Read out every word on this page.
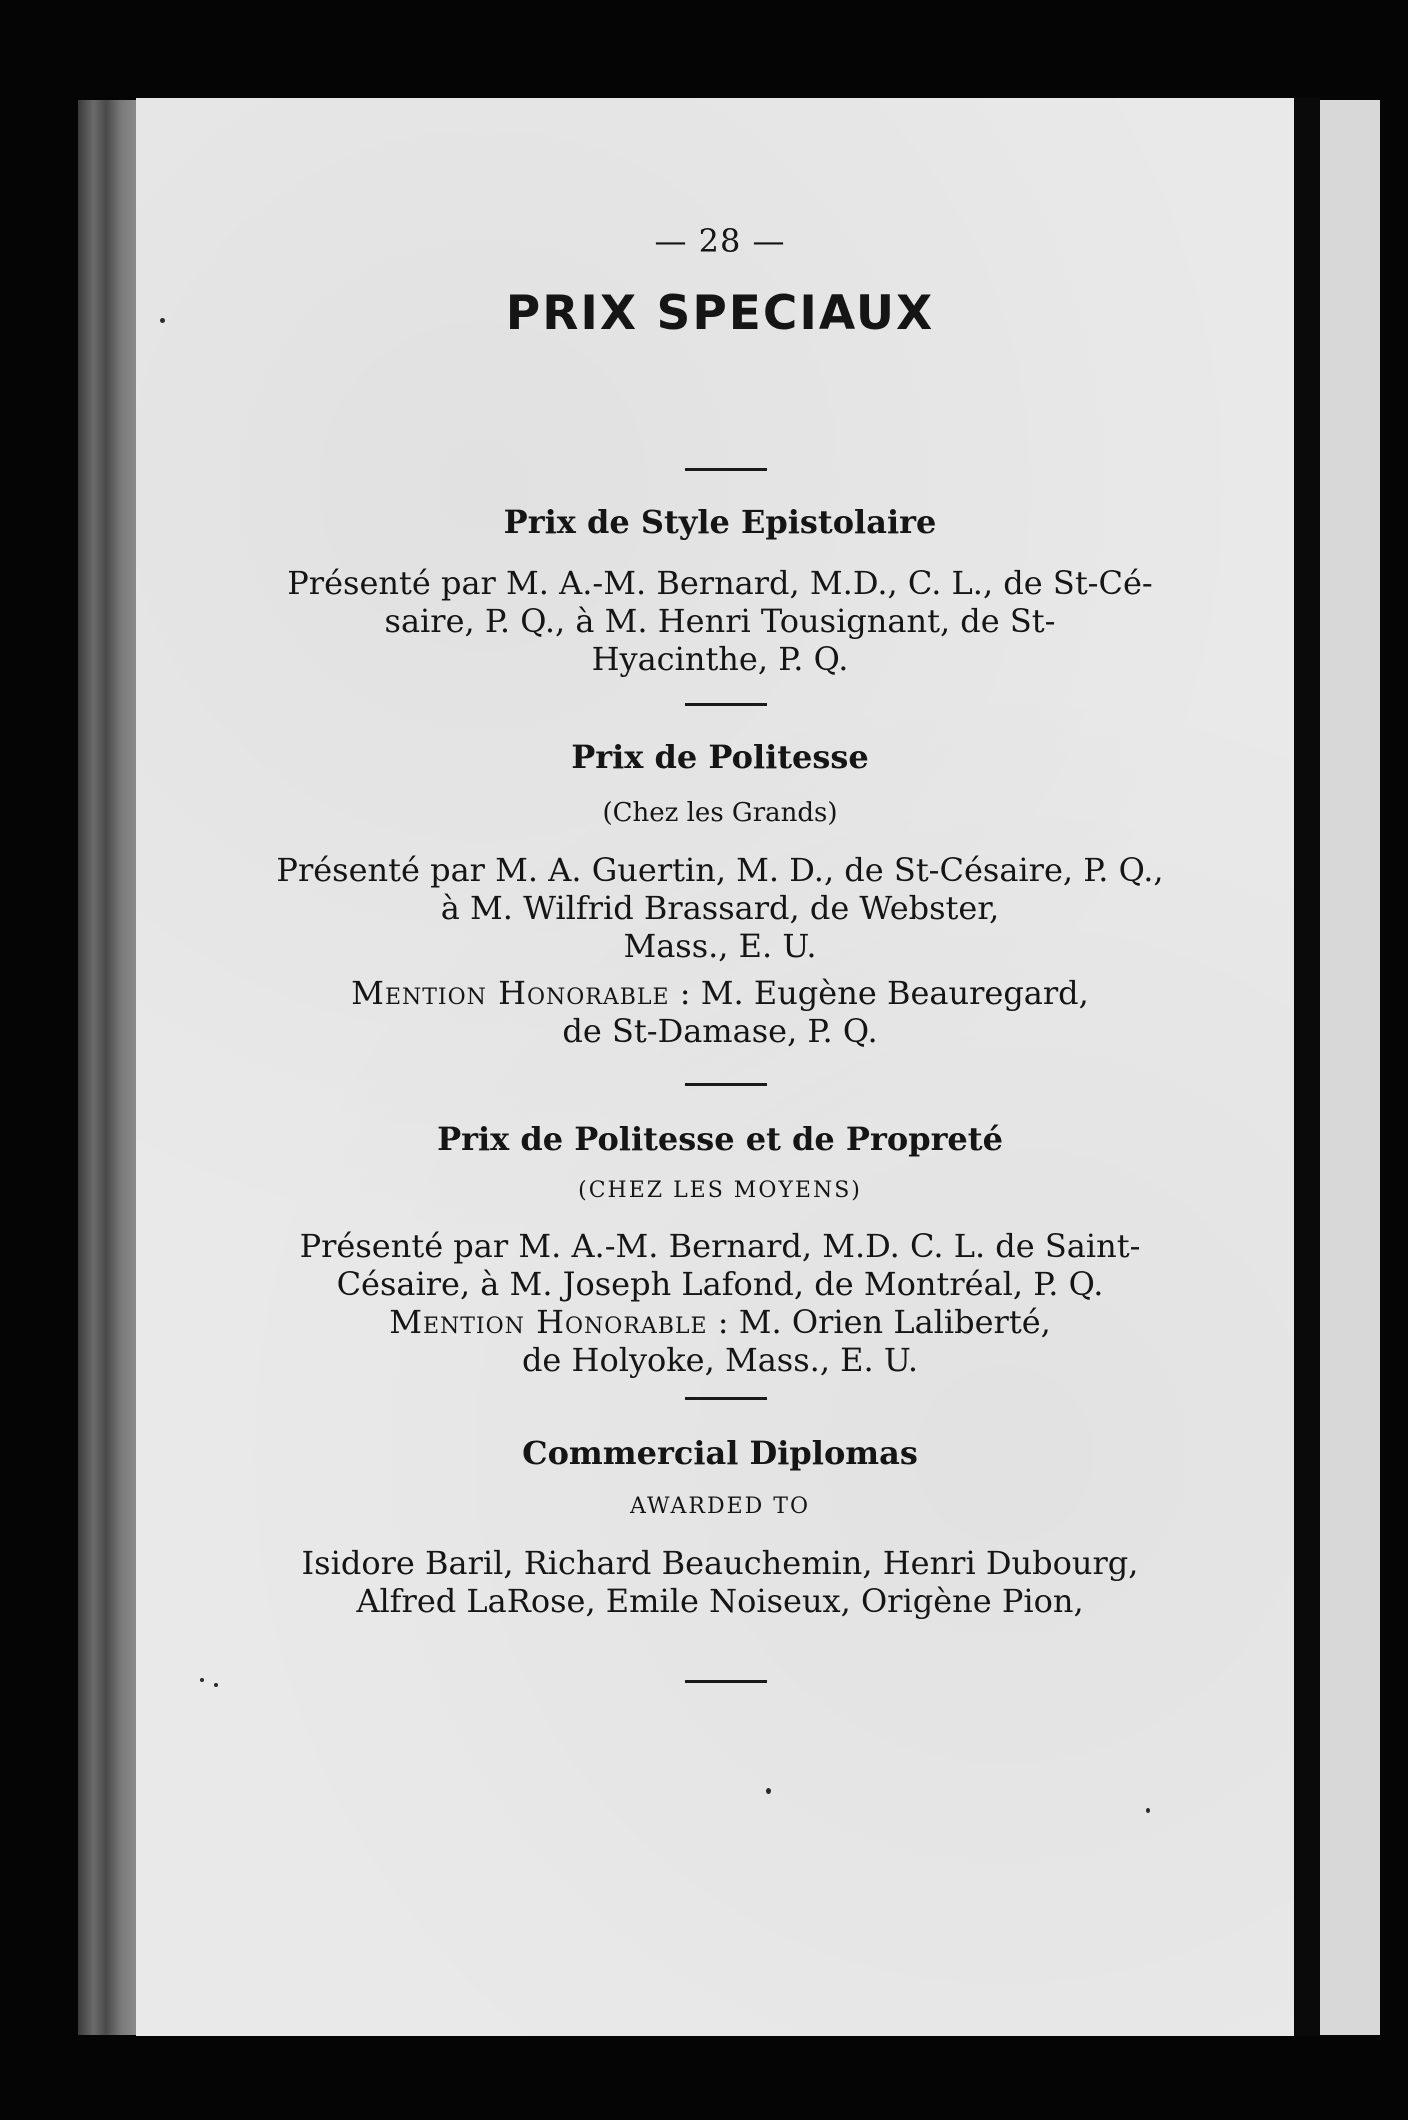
— 28 —
PRIX SPECIAUX
Prix de Style Epistolaire
Présenté par M. A.-M. Bernard, M.D., C. L., de St-Cé-
saire, P. Q., à M. Henri Tousignant, de St-
Hyacinthe, P. Q.
Prix de Politesse
(Chez les Grands)
Présenté par M. A. Guertin, M. D., de St-Césaire, P. Q.,
à M. Wilfrid Brassard, de Webster,
Mass., E. U.
Mention Honorable : M. Eugène Beauregard,
de St-Damase, P. Q.
Prix de Politesse et de Propreté
(CHEZ LES MOYENS)
Présenté par M. A.-M. Bernard, M.D. C. L. de Saint-
Césaire, à M. Joseph Lafond, de Montréal, P. Q.
Mention Honorable : M. Orien Laliberté,
de Holyoke, Mass., E. U.
Commercial Diplomas
AWARDED TO
Isidore Baril, Richard Beauchemin, Henri Dubourg,
Alfred LaRose, Emile Noiseux, Origène Pion,
